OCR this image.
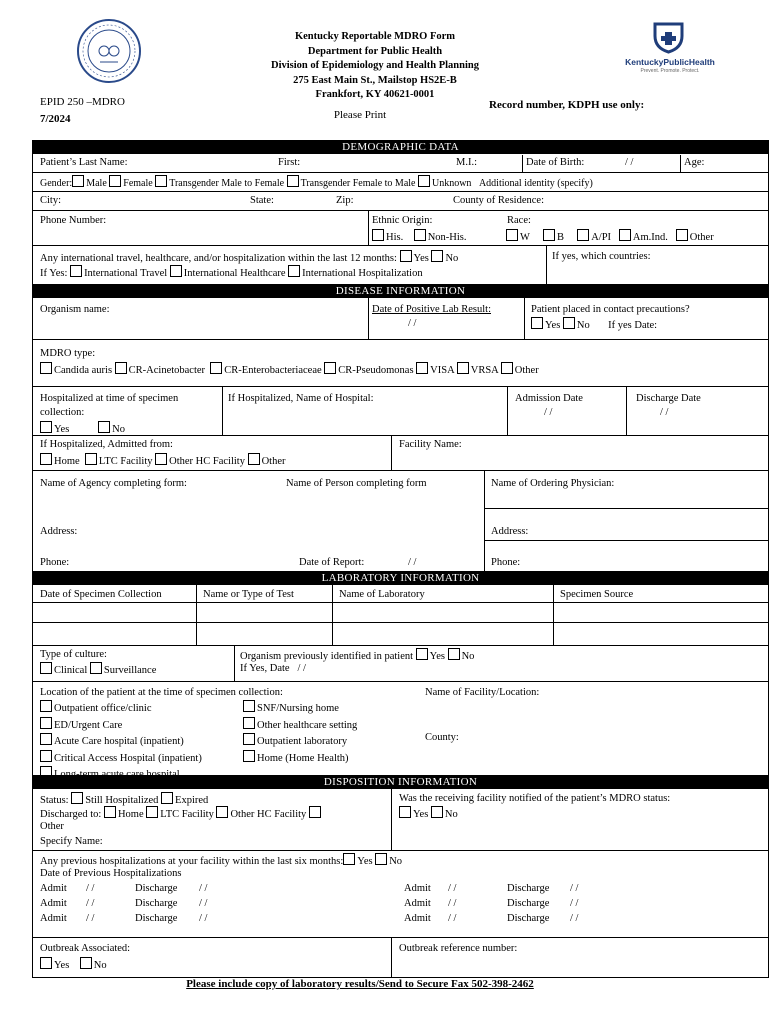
EPID 250 –MDRO
7/2024
Kentucky Reportable MDRO Form
Department for Public Health
Division of Epidemiology and Health Planning
275 East Main St., Mailstop HS2E-B
Frankfort, KY 40621-0001
Please Print
Record number, KDPH use only:
KentuckyPublicHealth
Prevent. Promote. Protect.
DEMOGRAPHIC DATA
Patient’s Last Name:	First:	M.I.:	Date of Birth:	/ /	Age:
Gender: Male Female Transgender Male to Female Transgender Female to Male Unknown Additional identity (specify)
City:	State:	Zip:	County of Residence:
Phone Number:	Ethnic Origin:
His. Non-His.
Race:
W	B	A/PI Am.Ind. Other
Any international travel, healthcare, and/or hospitalization within the last 12 months: Yes No	If yes, which countries:
If Yes: International Travel International Healthcare International Hospitalization
DISEASE INFORMATION
Organism name:	Date of Positive Lab Result:
/ /
Patient placed in contact precautions?
Yes No If yes Date:
MDRO type:
Candida auris CR-Acinetobacter CR-Enterobacteriaceae CR-Pseudomonas VISA VRSA Other
Hospitalized at time of specimen
collection:
Yes	No
If Hospitalized, Name of Hospital:	Admission Date
/ /
Discharge Date
/ /
If Hospitalized, Admitted from:
Home LTC Facility Other HC Facility Other
Facility Name:
Name of Agency completing form:	Name of Person completing form	Name of Ordering Physician:
Address:	Address:
Phone:	Date of Report:	/ /	Phone:
LABORATORY INFORMATION
Date of Specimen Collection	Name or Type of Test	Name of Laboratory	Specimen Source
Type of culture:
Clinical Surveillance
Organism previously identified in patient Yes No
If Yes, Date / /
Location of the patient at the time of specimen collection:	Name of Facility/Location:
Outpatient office/clinic
ED/Urgent Care
Acute Care hospital (inpatient)
Critical Access Hospital (inpatient)
SNF/Nursing home
Other healthcare setting
Outpatient laboratory
Home (Home Health)
County:
DISPOSITION INFORMATION
Status: Still Hospitalized Expired
Discharged to: Home LTC Facility Other HC Facility
Other
Specify Name:
Was the receiving facility notified of the patient’s MDRO status:
Yes No
Any previous hospitalizations at your facility within the last six months: Yes No
Date of Previous Hospitalizations
Admit / /	Discharge / /
Admit / /	Discharge / /
Admit / /	Discharge / /
Admit / /	Discharge / /
Admit / /	Discharge / /
Admit / /	Discharge / /
Outbreak Associated:
Yes No
Outbreak reference number:
Please include copy of laboratory results/Send to Secure Fax 502-398-2462
